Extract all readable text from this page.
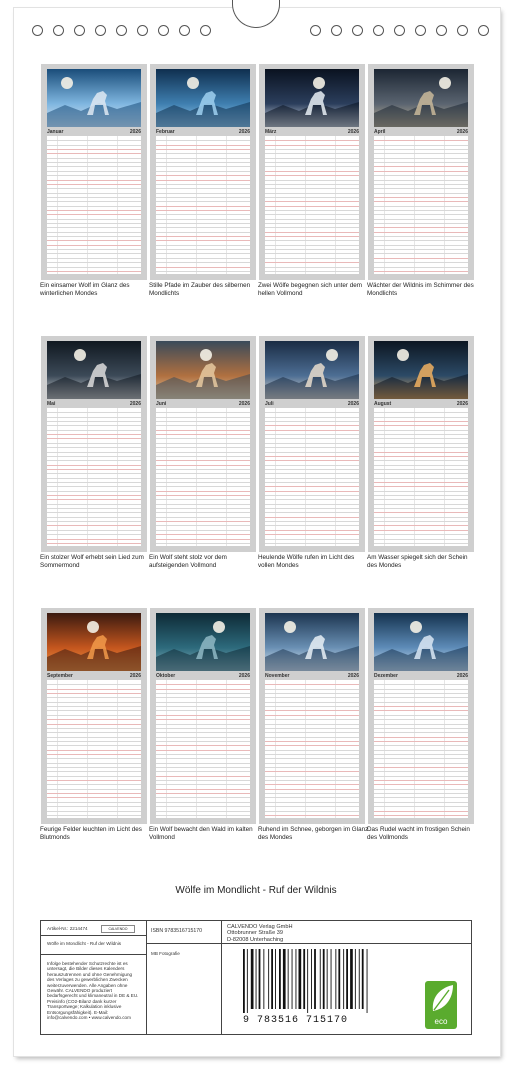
Januar	2026
Ein einsamer Wolf im Glanz des winterlichen Mondes
Februar	2026
Stille Pfade im Zauber des silbernen Mondlichts
März	2026
Zwei Wölfe begegnen sich unter dem hellen Vollmond
April	2026
Wächter der Wildnis im Schimmer des Mondlichts
Mai	2026
Ein stolzer Wolf erhebt sein Lied zum Sommermond
Juni	2026
Ein Wolf steht stolz vor dem aufsteigenden Vollmond
Juli	2026
Heulende Wölfe rufen im Licht des vollen Mondes
August	2026
Am Wasser spiegelt sich der Schein des Mondes
September	2026
Feurige Felder leuchten im Licht des Blutmonds
Oktober	2026
Ein Wolf bewacht den Wald im kalten Vollmond
November	2026
Ruhend im Schnee, geborgen im Glanz des Mondes
Dezember	2026
Das Rudel wacht im frostigen Schein des Vollmonds
Wölfe im Mondlicht - Ruf der Wildnis
Artikel-Nr.: 2214474	CALVENDO
Wölfe im Mondlicht - Ruf der Wildnis
Infolge bestehender Schutzrechte ist es untersagt, die Bilder dieses Kalenders herauszutrennen und ohne Genehmigung des Verlages zu gewerblichen Zwecken weiterzuverwenden. Alle Angaben ohne Gewähr. CALVENDO produziert bedarfsgerecht und klimaneutral in DE & EU. Preisinfo (CO2-Bilanz dank kurzer Transportwege; Kalkulation inklusive Entsorgungsfähigkeit). E-Mail: info@calvendo.com • www.calvendo.com
ISBN 9783516715170
MB Fotografie
CALVENDO Verlag GmbH
Ottobrunner Straße 39
D-82008 Unterhaching
9 783516 715170	eco
